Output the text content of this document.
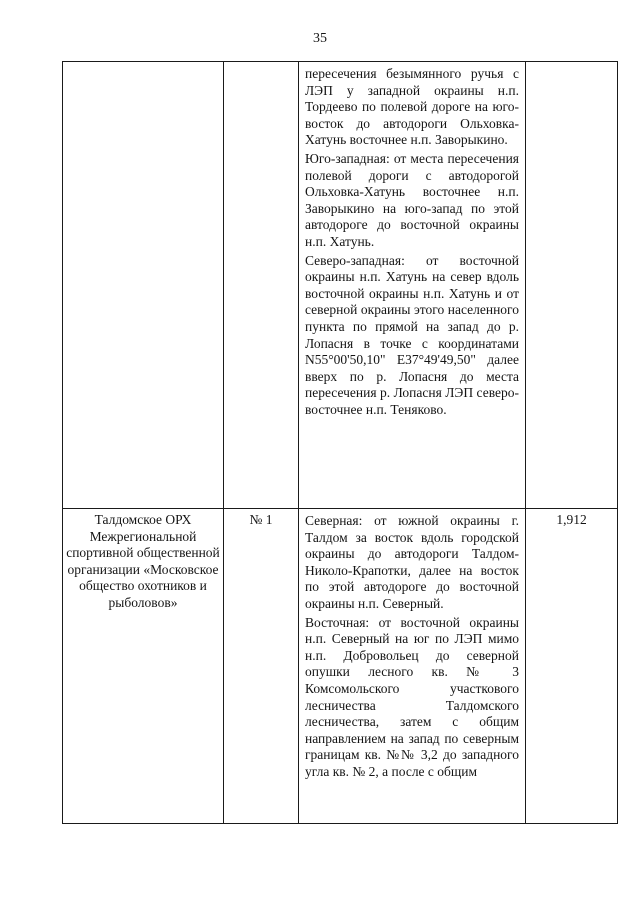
35

		пересечения безымянного ручья с ЛЭП у западной окраины н.п. Тордеево по полевой дороге на юго-восток до автодороги Ольховка-Хатунь восточнее н.п. Заворыкино.

Юго-западная: от места пересечения полевой дороги с автодорогой Ольховка-Хатунь восточнее н.п. Заворыкино на юго-запад по этой автодороге до восточной окраины н.п. Хатунь.

Северо-западная: от восточной окраины н.п. Хатунь на север вдоль восточной окраины н.п. Хатунь и от северной окраины этого населенного пункта по прямой на запад до р. Лопасня в точке с координатами N55°00'50,10" E37°49'49,50" далее вверх по р. Лопасня до места пересечения р. Лопасня ЛЭП северо-восточнее н.п. Теняково.	

Талдомское ОРХ Межрегиональной спортивной общественной организации «Московское общество охотников и рыболовов»	№ 1	Северная: от южной окраины г. Талдом за восток вдоль городской окраины до автодороги Талдом-Николо-Крапотки, далее на восток по этой автодороге до восточной окраины н.п. Северный.

Восточная: от восточной окраины н.п. Северный на юг по ЛЭП мимо н.п. Добровольец до северной опушки лесного кв. № 3 Комсомольского участкового лесничества Талдомского лесничества, затем с общим направлением на запад по северным границам кв. №№ 3,2 до западного угла кв. № 2, а после с общим	1,912
